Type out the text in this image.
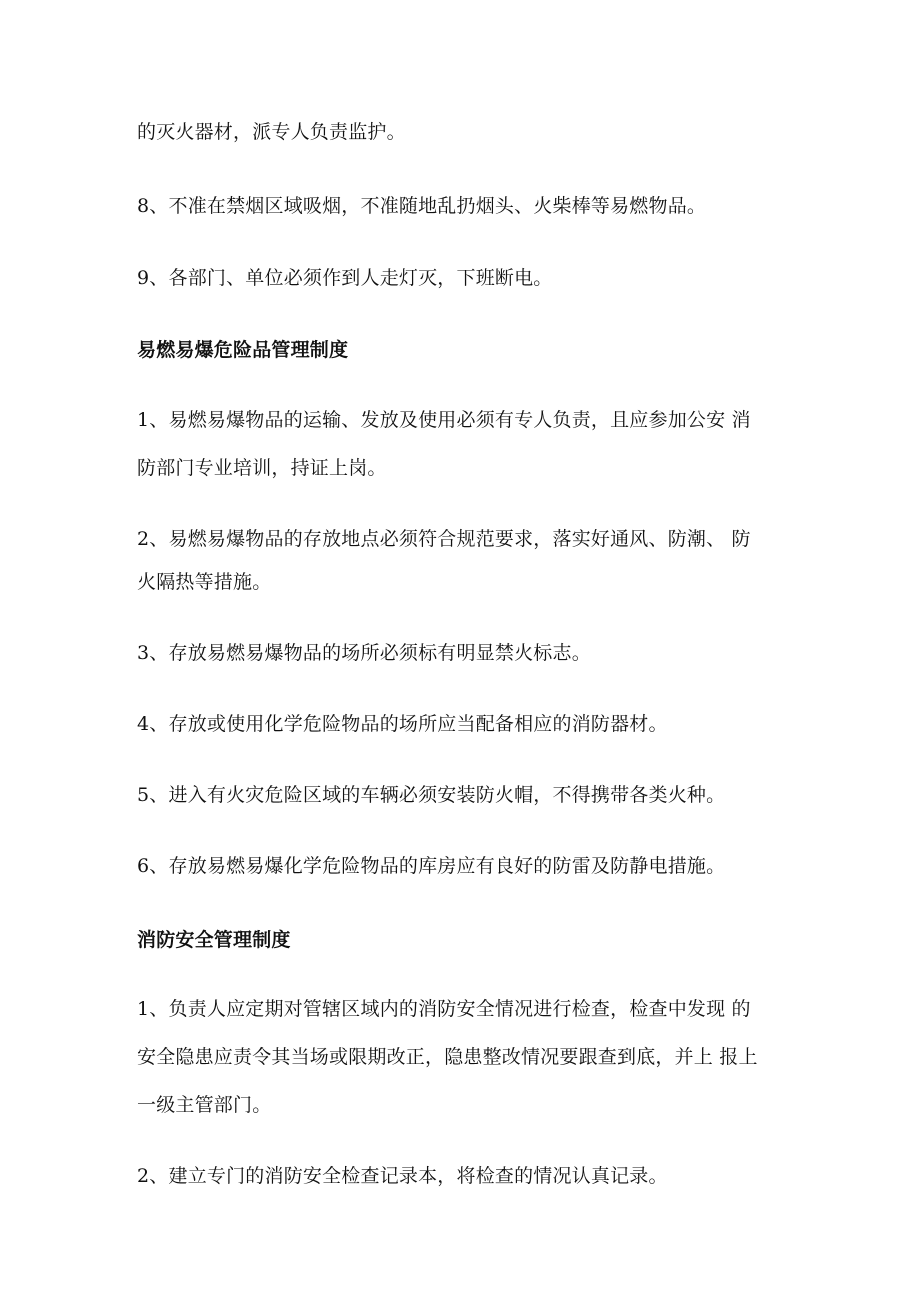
的灭火器材，派专人负责监护。
8、不准在禁烟区域吸烟，不准随地乱扔烟头、火柴棒等易燃物品。
9、各部门、单位必须作到人走灯灭，下班断电。
易燃易爆危险品管理制度
1、易燃易爆物品的运输、发放及使用必须有专人负责，且应参加公安 消
防部门专业培训，持证上岗。
2、易燃易爆物品的存放地点必须符合规范要求，落实好通风、防潮、 防
火隔热等措施。
3、存放易燃易爆物品的场所必须标有明显禁火标志。
4、存放或使用化学危险物品的场所应当配备相应的消防器材。
5、进入有火灾危险区域的车辆必须安装防火帽，不得携带各类火种。
6、存放易燃易爆化学危险物品的库房应有良好的防雷及防静电措施。
消防安全管理制度
1、负责人应定期对管辖区域内的消防安全情况进行检查，检查中发现 的
安全隐患应责令其当场或限期改正，隐患整改情况要跟查到底，并上 报上
一级主管部门。
2、建立专门的消防安全检查记录本，将检查的情况认真记录。
